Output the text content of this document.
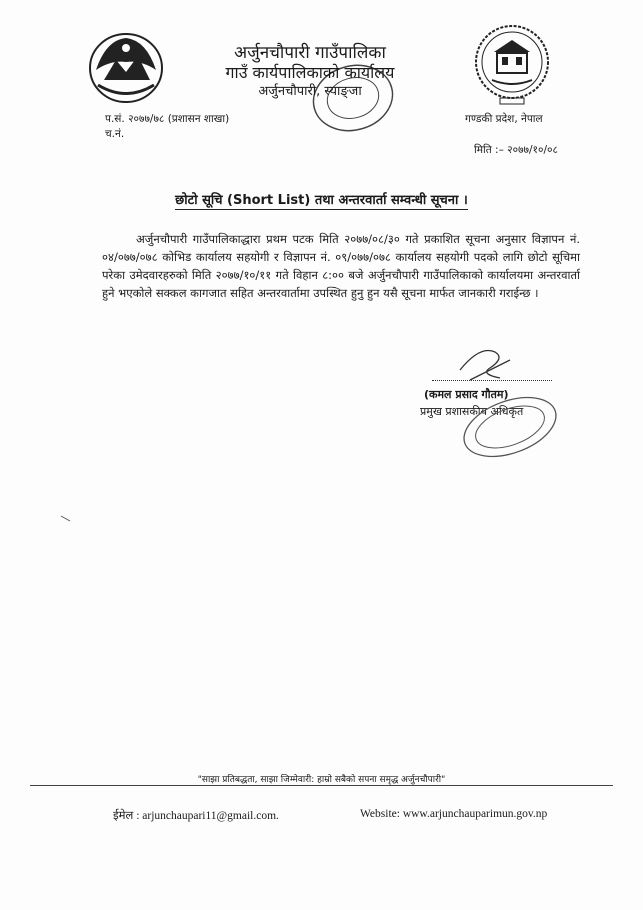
अर्जुनचौपारी गाउँपालिका
गाउँ कार्यपालिकाको कार्यालय
अर्जुनचौपारी, स्याङ्जा
प.सं. २०७७/७८ (प्रशासन शाखा)
च.नं.
गण्डकी प्रदेश, नेपाल
मिति :– २०७७/१०/०८
छोटो सूचि (Short List) तथा अन्तरवार्ता सम्वन्धी सूचना ।
अर्जुनचौपारी गाउँपालिकाद्धारा प्रथम पटक मिति २०७७/०८/३० गते प्रकाशित सूचना अनुसार विज्ञापन नं. ०४/०७७/०७८ कोभिड कार्यालय सहयोगी र विज्ञापन नं. ०९/०७७/०७८ कार्यालय सहयोगी पदको लागि छोटो सूचिमा परेका उमेदवारहरुको मिति २०७७/१०/११ गते विहान ८:०० बजे अर्जुनचौपारी गाउँपालिकाको कार्यालयमा अन्तरवार्ता हुने भएकोले सक्कल कागजात सहित अन्तरवार्तामा उपस्थित हुनु हुन यसै सूचना मार्फत जानकारी गराईन्छ ।
(कमल प्रसाद गौतम)
प्रमुख प्रशासकीय अधिकृत
"साझा प्रतिबद्धता, साझा जिम्मेवारी: हाम्रो सबैको सपना समृद्ध अर्जुनचौपारी"
ईमेल : arjunchaupari11@gmail.com.	Website: www.arjunchauparimun.gov.np
